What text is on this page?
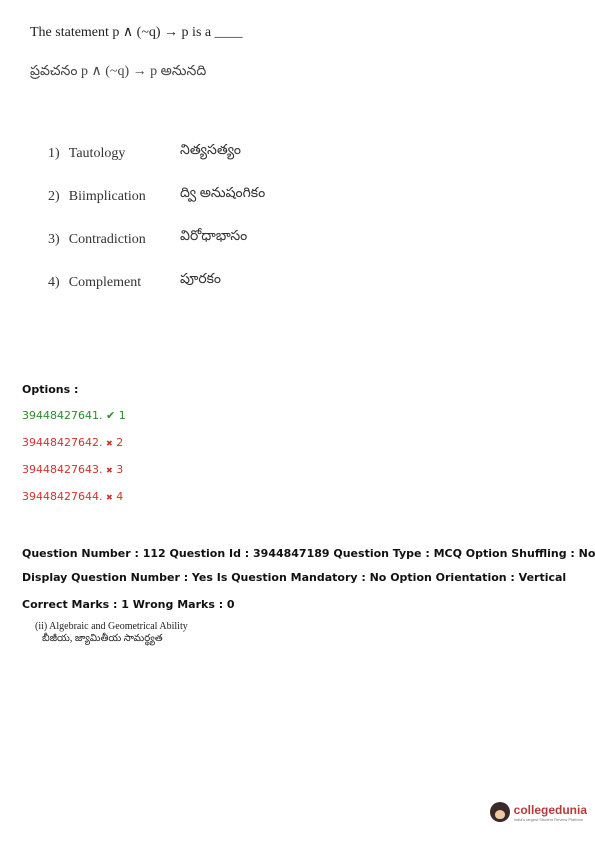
The statement p ∧ (~q) → p is a ____
ప్రవచనం p ∧ (~q) → p అనునది
1) Tautology	నిత్యసత్యం
2) Biimplication ద్వి అనుషంగికం
3) Contradiction విరోధాభాసం
4) Complement	పూరకం
Options :
39448427641. ✔ 1
39448427642. ✖ 2
39448427643. ✖ 3
39448427644. ✖ 4
Question Number : 112 Question Id : 3944847189 Question Type : MCQ Option Shuffling : No
Display Question Number : Yes Is Question Mandatory : No Option Orientation : Vertical
Correct Marks : 1 Wrong Marks : 0
(ii) Algebraic and Geometrical Ability
బీజీయ, జ్యామితీయ సామర్థ్యత
collegedunia
India's largest Student Review Platform
